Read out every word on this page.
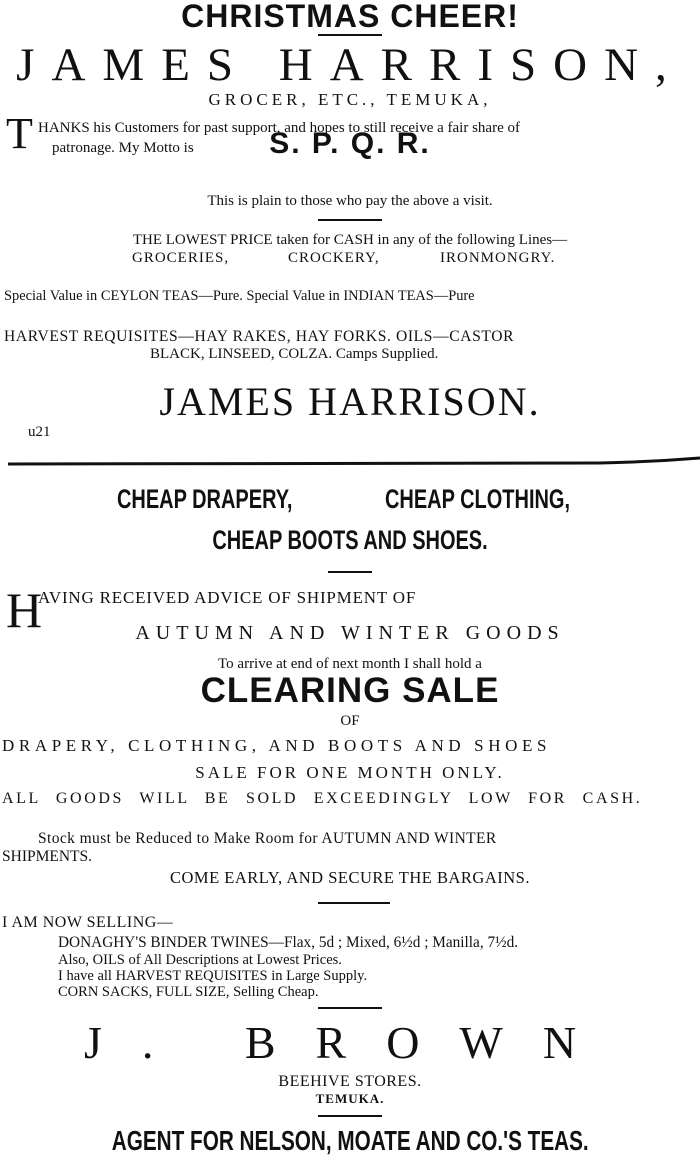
CHRISTMAS CHEER!
JAMES HARRISON,
GROCER, ETC., TEMUKA,
T HANKS his Customers for past support, and hopes to still receive a fair share of
patronage. My Motto is	S. P. Q. R.
This is plain to those who pay the above a visit.
THE LOWEST PRICE taken for CASH in any of the following Lines—
GROCERIES,	CROCKERY,	IRONMONGRY.
Special Value in CEYLON TEAS—Pure. Special Value in INDIAN TEAS—Pure
HARVEST REQUISITES—HAY RAKES, HAY FORKS. OILS—CASTOR
BLACK, LINSEED, COLZA. Camps Supplied.
JAMES HARRISON.
u21
CHEAP DRAPERY,	CHEAP CLOTHING,
CHEAP BOOTS AND SHOES.
H
AVING RECEIVED ADVICE OF SHIPMENT OF
AUTUMN AND WINTER GOODS
To arrive at end of next month I shall hold a
CLEARING SALE
OF
DRAPERY, CLOTHING, AND BOOTS AND SHOES
SALE FOR ONE MONTH ONLY.
ALL GOODS WILL BE SOLD EXCEEDINGLY LOW FOR CASH.
Stock must be Reduced to Make Room for AUTUMN AND WINTER
SHIPMENTS.
COME EARLY, AND SECURE THE BARGAINS.
I AM NOW SELLING—
DONAGHY'S BINDER TWINES—Flax, 5d ; Mixed, 6½d ; Manilla, 7½d.
Also, OILS of All Descriptions at Lowest Prices.
I have all HARVEST REQUISITES in Large Supply.
CORN SACKS, FULL SIZE, Selling Cheap.
J. BROWN
BEEHIVE STORES.
TEMUKA.
AGENT FOR NELSON, MOATE AND CO.'S TEAS.
